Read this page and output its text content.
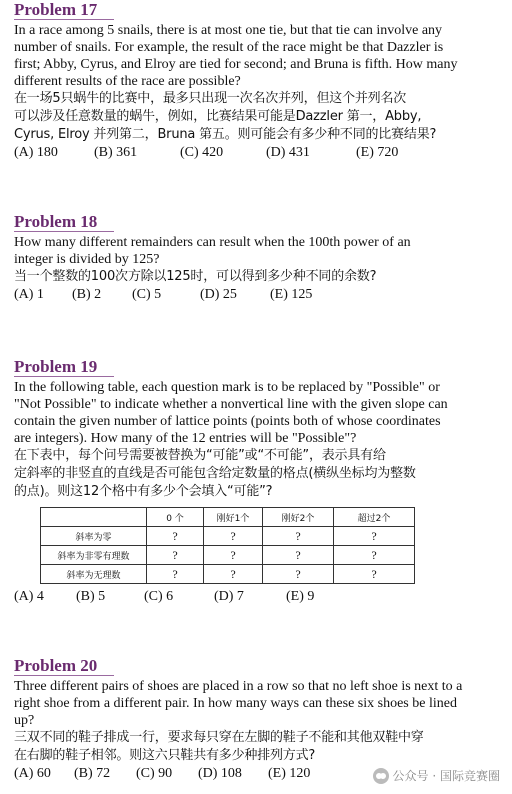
Problem 17

In a race among 5 snails, there is at most one tie, but that tie can involve any
number of snails. For example, the result of the race might be that Dazzler is
first; Abby, Cyrus, and Elroy are tied for second; and Bruna is fifth. How many
different results of the race are possible?

在一场5只蜗牛的比赛中，最多只出现一次名次并列，但这个并列名次
可以涉及任意数量的蜗牛，例如，比赛结果可能是Dazzler 第一，Abby,
Cyrus, Elroy 并列第二，Bruna 第五。则可能会有多少种不同的比赛结果?

(A) 180	(B) 361	(C) 420	(D) 431	(E) 720

Problem 18

How many different remainders can result when the 100th power of an
integer is divided by 125?

当一个整数的100次方除以125时，可以得到多少种不同的余数?

(A) 1 (B) 2 (C) 5	(D) 25 (E) 125

Problem 19

In the following table, each question mark is to be replaced by "Possible" or
"Not Possible" to indicate whether a nonvertical line with the given slope can
contain the given number of lattice points (points both of whose coordinates
are integers). How many of the 12 entries will be "Possible"?

在下表中，每个问号需要被替换为“可能”或“不可能”，表示具有给
定斜率的非竖直的直线是否可能包含给定数量的格点(横纵坐标均为整数
的点)。则这12个格中有多少个会填入“可能”?

	0 个	刚好1个	刚好2个	超过2个
斜率为零	?	?	?	?
斜率为非零有理数	?	?	?	?
斜率为无理数	?	?	?	?

(A) 4 (B) 5	(C) 6	(D) 7	(E) 9

Problem 20

Three different pairs of shoes are placed in a row so that no left shoe is next to a
right shoe from a different pair. In how many ways can these six shoes be lined
up?

三双不同的鞋子排成一行，要求每只穿在左脚的鞋子不能和其他双鞋中穿
在右脚的鞋子相邻。则这六只鞋共有多少种排列方式?

(A) 60 (B) 72 (C) 90 (D) 108 (E) 120	公众号 · 国际竞赛圈
